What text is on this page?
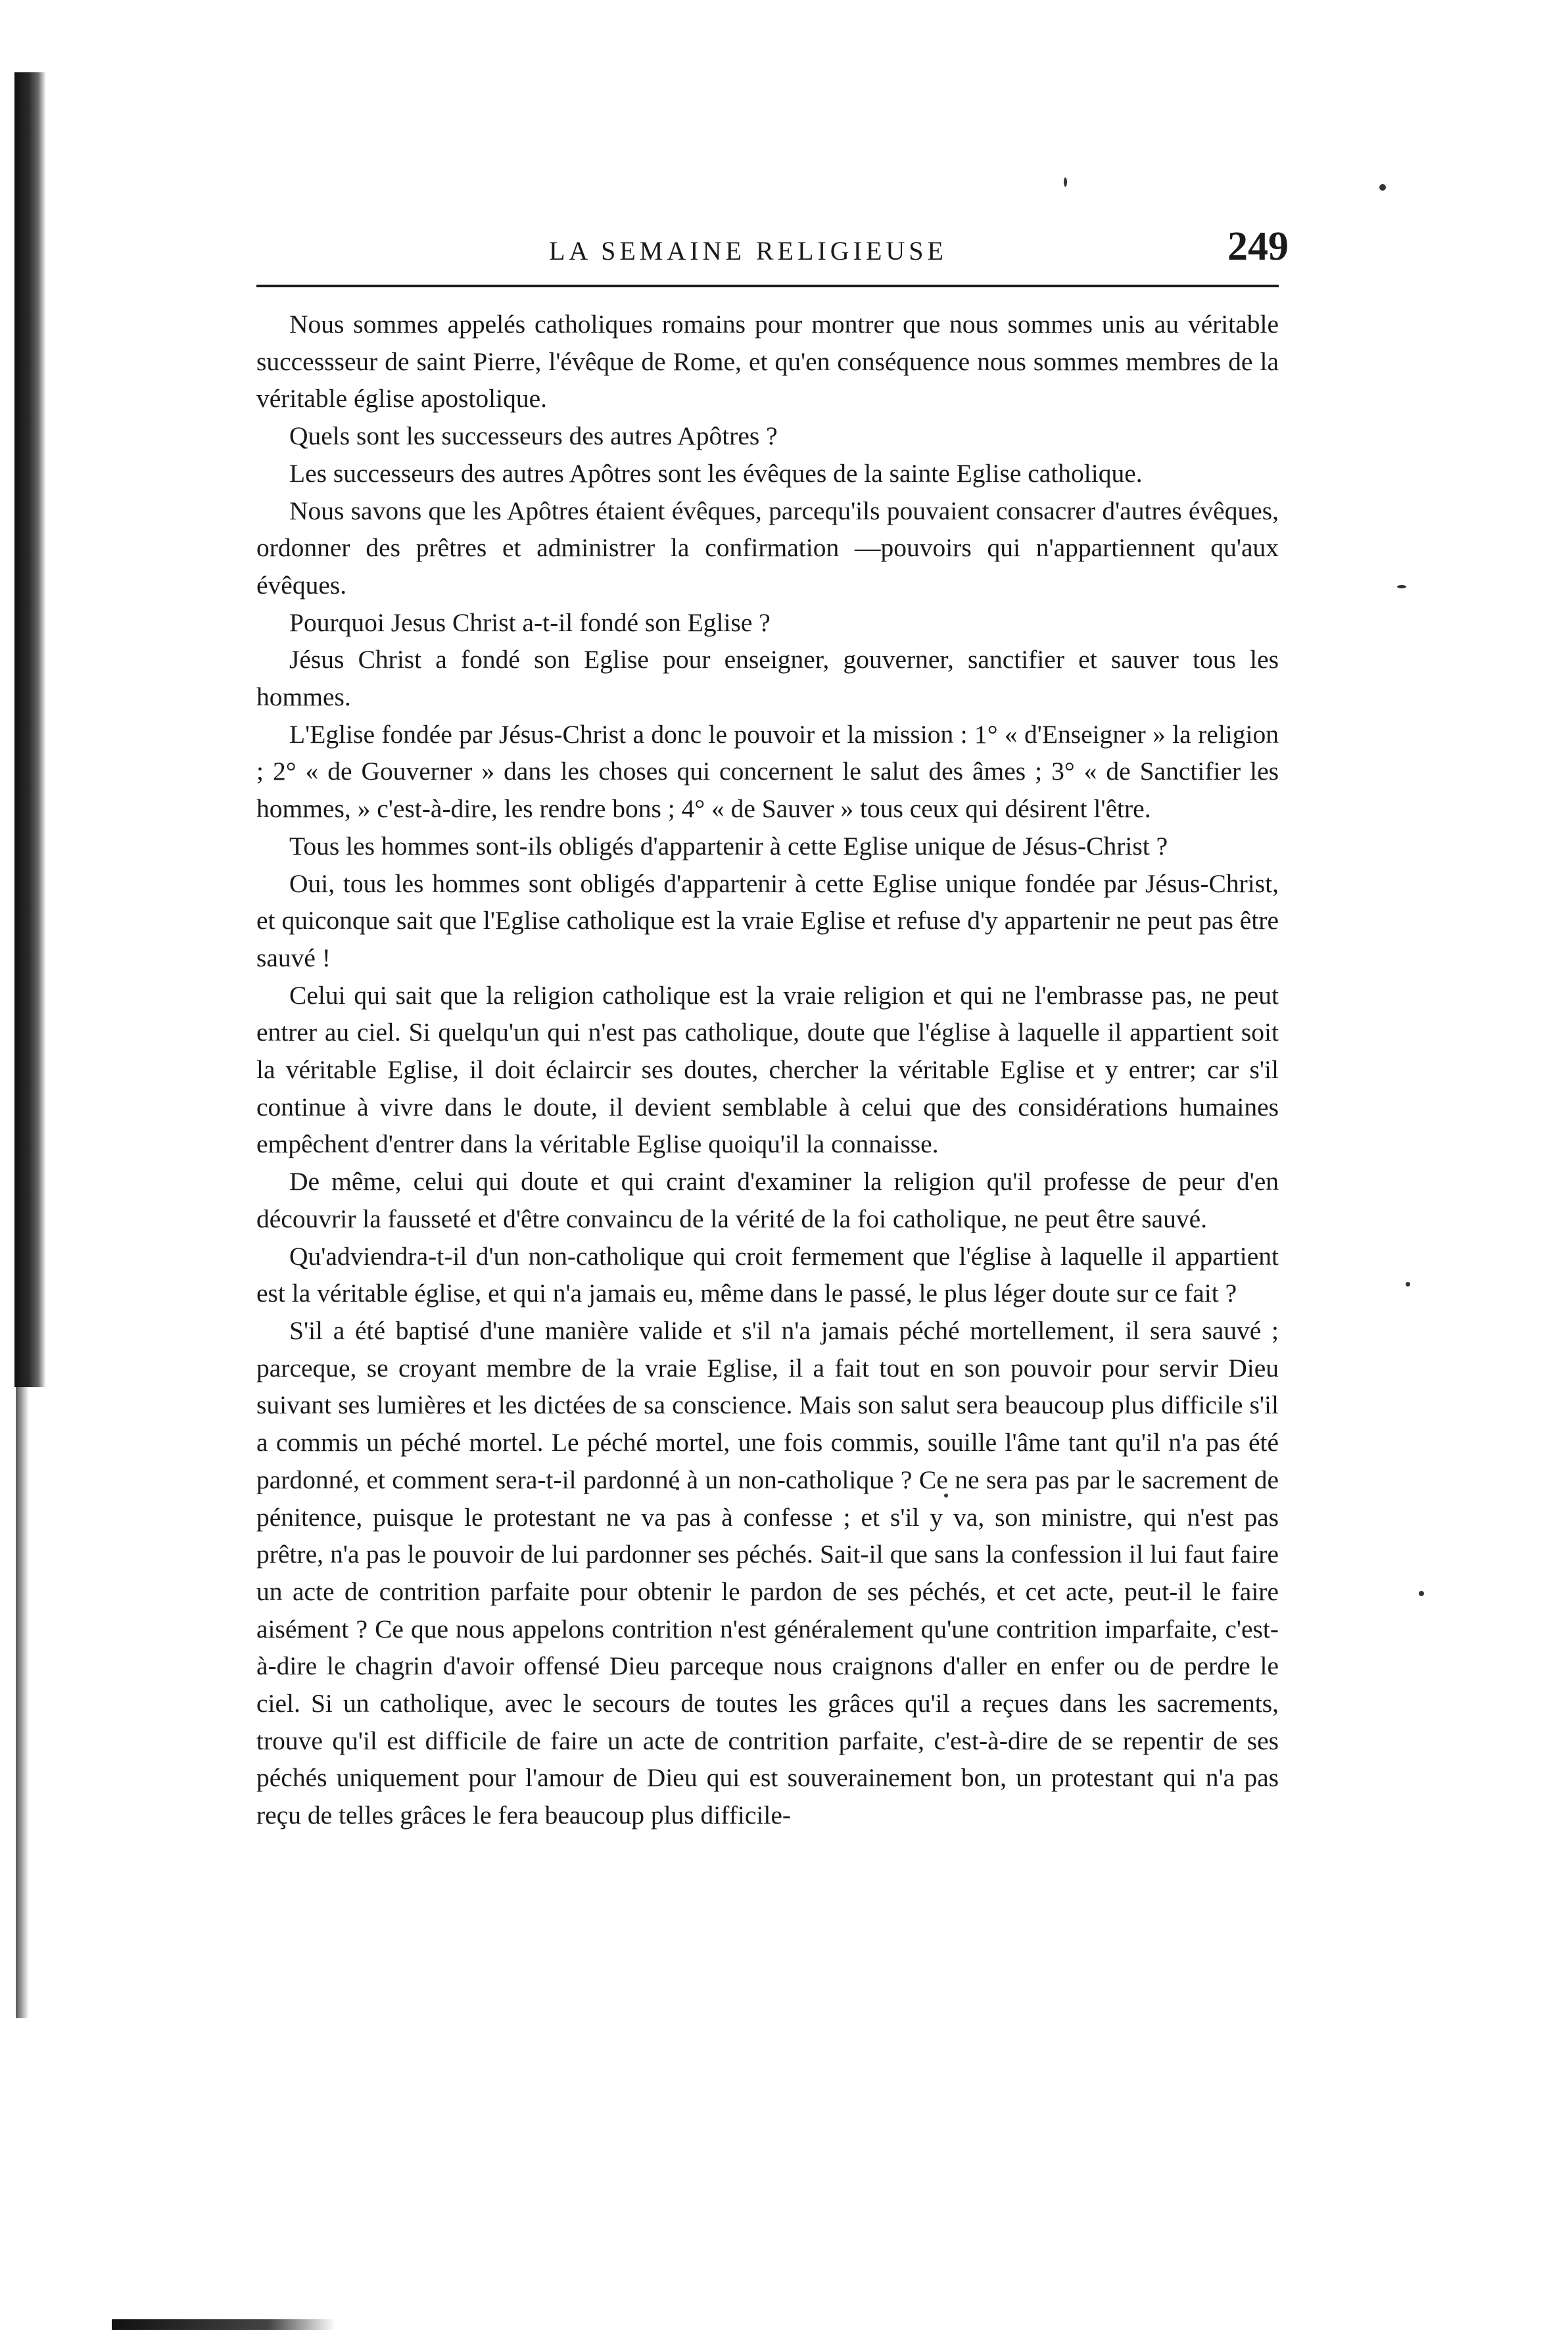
LA SEMAINE RELIGIEUSE	249

Nous sommes appelés catholiques romains pour montrer que nous sommes unis au véritable successseur de saint Pierre, l'évêque de Rome, et qu'en conséquence nous sommes membres de la véritable église apostolique.

Quels sont les successeurs des autres Apôtres ?

Les successeurs des autres Apôtres sont les évêques de la sainte Eglise catholique.

Nous savons que les Apôtres étaient évêques, parcequ'ils pouvaient consacrer d'autres évêques, ordonner des prêtres et administrer la confirmation —pouvoirs qui n'appartiennent qu'aux évêques.

Pourquoi Jesus Christ a-t-il fondé son Eglise ?

Jésus Christ a fondé son Eglise pour enseigner, gouverner, sanctifier et sauver tous les hommes.

L'Eglise fondée par Jésus-Christ a donc le pouvoir et la mission : 1° « d'Enseigner » la religion ; 2° « de Gouverner » dans les choses qui concernent le salut des âmes ; 3° « de Sanctifier les hommes, » c'est-à-dire, les rendre bons ; 4° « de Sauver » tous ceux qui désirent l'être.

Tous les hommes sont-ils obligés d'appartenir à cette Eglise unique de Jésus-Christ ?

Oui, tous les hommes sont obligés d'appartenir à cette Eglise unique fondée par Jésus-Christ, et quiconque sait que l'Eglise catholique est la vraie Eglise et refuse d'y appartenir ne peut pas être sauvé !

Celui qui sait que la religion catholique est la vraie religion et qui ne l'embrasse pas, ne peut entrer au ciel. Si quelqu'un qui n'est pas catholique, doute que l'église à laquelle il appartient soit la véritable Eglise, il doit éclaircir ses doutes, chercher la véritable Eglise et y entrer; car s'il continue à vivre dans le doute, il devient semblable à celui que des considérations humaines empêchent d'entrer dans la véritable Eglise quoiqu'il la connaisse.

De même, celui qui doute et qui craint d'examiner la religion qu'il professe de peur d'en découvrir la fausseté et d'être convaincu de la vérité de la foi catholique, ne peut être sauvé.

Qu'adviendra-t-il d'un non-catholique qui croit fermement que l'église à laquelle il appartient est la véritable église, et qui n'a jamais eu, même dans le passé, le plus léger doute sur ce fait ?

S'il a été baptisé d'une manière valide et s'il n'a jamais péché mortellement, il sera sauvé ; parceque, se croyant membre de la vraie Eglise, il a fait tout en son pouvoir pour servir Dieu suivant ses lumières et les dictées de sa conscience. Mais son salut sera beaucoup plus difficile s'il a commis un péché mortel. Le péché mortel, une fois commis, souille l'âme tant qu'il n'a pas été pardonné, et comment sera-t-il pardonné à un non-catholique ? Ce ne sera pas par le sacrement de pénitence, puisque le protestant ne va pas à confesse ; et s'il y va, son ministre, qui n'est pas prêtre, n'a pas le pouvoir de lui pardonner ses péchés. Sait-il que sans la confession il lui faut faire un acte de contrition parfaite pour obtenir le pardon de ses péchés, et cet acte, peut-il le faire aisément ? Ce que nous appelons contrition n'est généralement qu'une contrition imparfaite, c'est-à-dire le chagrin d'avoir offensé Dieu parceque nous craignons d'aller en enfer ou de perdre le ciel. Si un catholique, avec le secours de toutes les grâces qu'il a reçues dans les sacrements, trouve qu'il est difficile de faire un acte de contrition parfaite, c'est-à-dire de se repentir de ses péchés uniquement pour l'amour de Dieu qui est souverainement bon, un protestant qui n'a pas reçu de telles grâces le fera beaucoup plus difficile-
